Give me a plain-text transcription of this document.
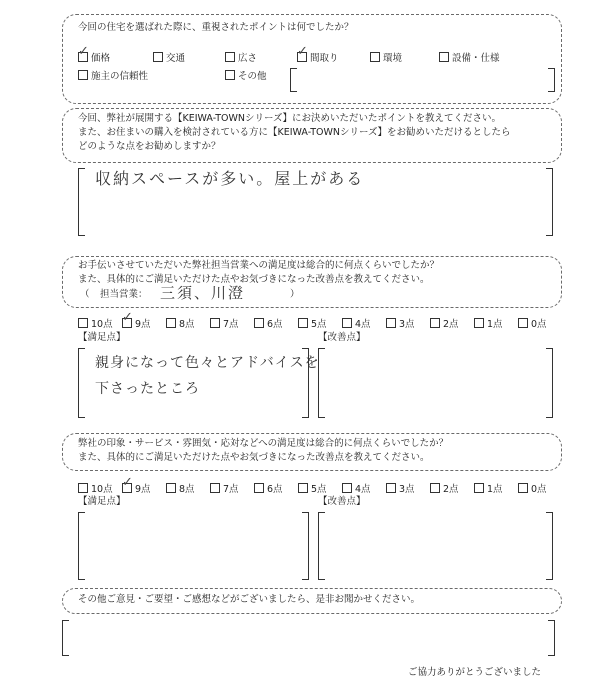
今回の住宅を選ばれた際に、重視されたポイントは何でしたか？
✓ 価格	交通	広さ	✓ 間取り	環境	設備・仕様
施主の信頼性	その他
今回、弊社が展開する【KEIWA-TOWNシリーズ】にお決めいただいたポイントを教えてください。
また、お住まいの購入を検討されている方に【KEIWA-TOWNシリーズ】をお勧めいただけるとしたら
どのような点をお勧めしますか？
収納スペースが多い。屋上がある
お手伝いさせていただいた弊社担当営業への満足度は総合的に何点くらいでしたか？
また、具体的にご満足いただけた点やお気づきになった改善点を教えてください。
（ 担当営業： 三須、川澄	）
10点 ✓ 9点	8点	7点	6点	5点	4点	3点	2点	1点	0点
【満足点】	【改善点】
親身になって色々とアドバイスを
下さったところ
弊社の印象・サービス・雰囲気・応対などへの満足度は総合的に何点くらいでしたか？
また、具体的にご満足いただけた点やお気づきになった改善点を教えてください。
10点 ✓ 9点	8点	7点	6点	5点	4点	3点	2点	1点	0点
【満足点】	【改善点】
その他ご意見・ご要望・ご感想などがございましたら、是非お聞かせください。
ご協力ありがとうございました
